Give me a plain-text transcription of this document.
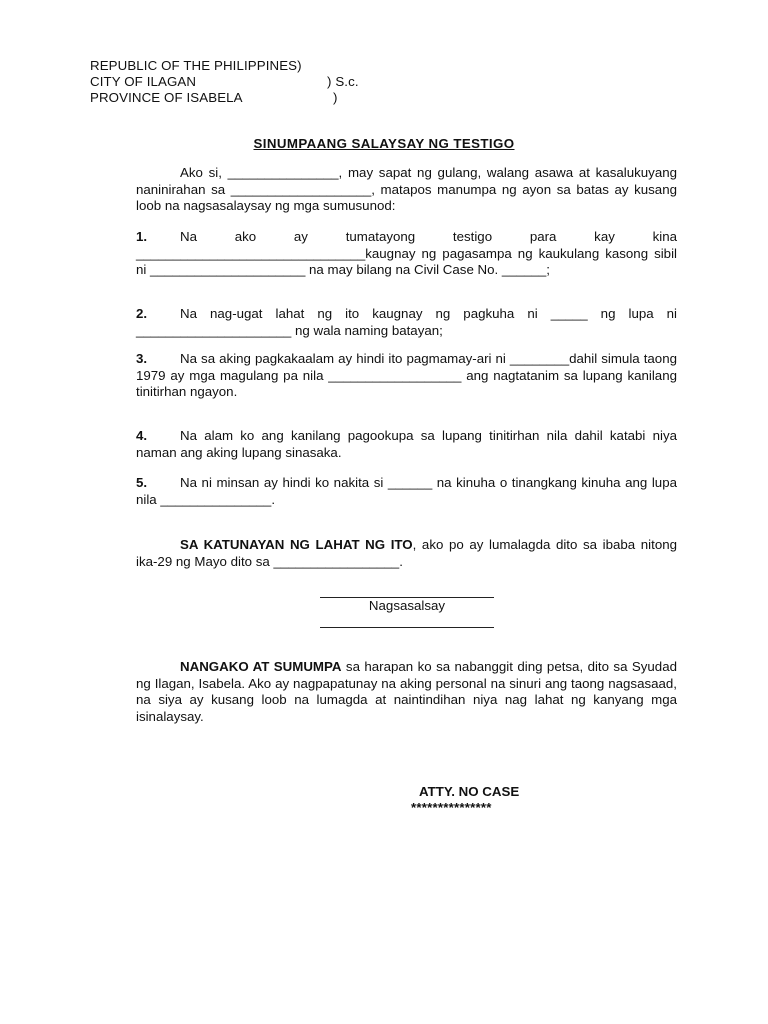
REPUBLIC OF THE PHILIPPINES)
CITY OF ILAGAN	) S.c.
PROVINCE OF ISABELA	)
SINUMPAANG SALAYSAY NG TESTIGO
Ako si, _______________, may sapat ng gulang, walang asawa at kasalukuyang naninirahan sa ___________________, matapos manumpa ng ayon sa batas ay kusang loob na nagsasalaysay ng mga sumusunod:
1. Na ako ay tumatayong testigo para kay kina _______________________________kaugnay ng pagasampa ng kaukulang kasong sibil ni _____________________ na may bilang na Civil Case No. ______;
2. Na nag-ugat lahat ng ito kaugnay ng pagkuha ni _____ ng lupa ni _____________________ ng wala naming batayan;
3. Na sa aking pagkakaalam ay hindi ito pagmamay-ari ni ________dahil simula taong 1979 ay mga magulang pa nila __________________ ang nagtatanim sa lupang kanilang tinitirhan ngayon.
4. Na alam ko ang kanilang pagookupa sa lupang tinitirhan nila dahil katabi niya naman ang aking lupang sinasaka.
5. Na ni minsan ay hindi ko nakita si ______ na kinuha o tinangkang kinuha ang lupa nila _______________.
SA KATUNAYAN NG LAHAT NG ITO, ako po ay lumalagda dito sa ibaba nitong ika-29 ng Mayo dito sa _________________.
Nagsasalsay
NANGAKO AT SUMUMPA sa harapan ko sa nabanggit ding petsa, dito sa Syudad ng Ilagan, Isabela. Ako ay nagpapatunay na aking personal na sinuri ang taong nagsasaad, na siya ay kusang loob na lumagda at naintindihan niya nag lahat ng kanyang mga isinalaysay.
ATTY. NO CASE
***************
